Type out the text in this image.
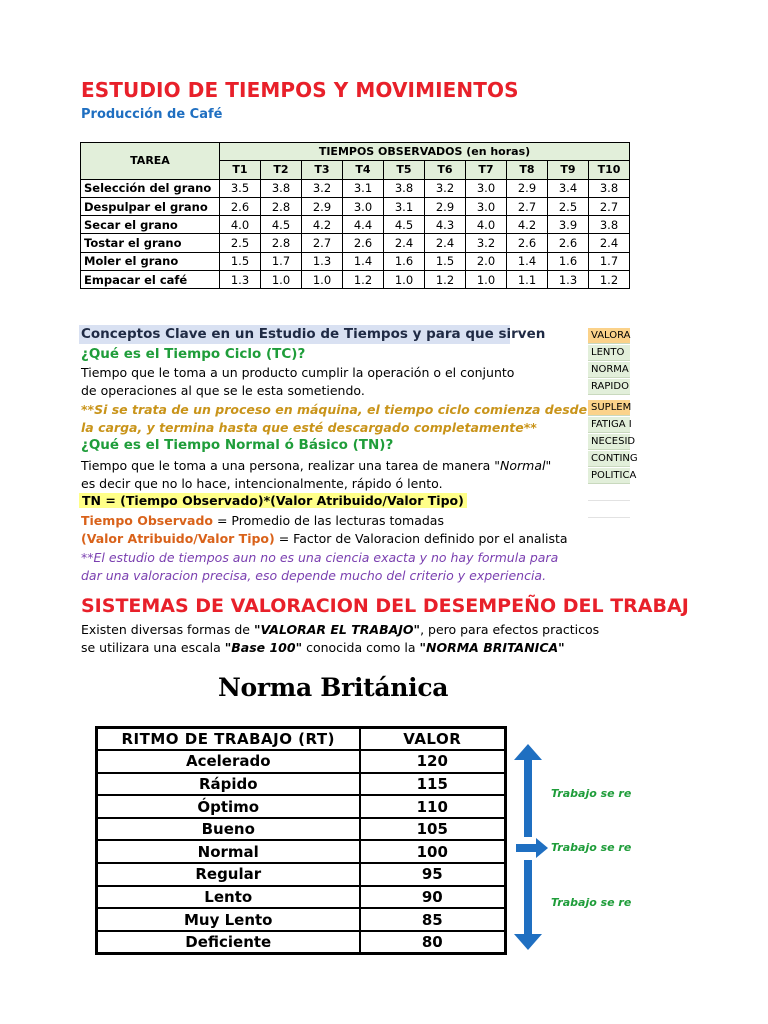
ESTUDIO DE TIEMPOS Y MOVIMIENTOS
Producción de Café
TAREA	TIEMPOS OBSERVADOS (en horas)									
	T1	T2	T3	T4	T5	T6	T7	T8	T9	T10
Selección del grano	3.5	3.8	3.2	3.1	3.8	3.2	3.0	2.9	3.4	3.8
Despulpar el grano	2.6	2.8	2.9	3.0	3.1	2.9	3.0	2.7	2.5	2.7
Secar el grano	4.0	4.5	4.2	4.4	4.5	4.3	4.0	4.2	3.9	3.8
Tostar el grano	2.5	2.8	2.7	2.6	2.4	2.4	3.2	2.6	2.6	2.4
Moler el grano	1.5	1.7	1.3	1.4	1.6	1.5	2.0	1.4	1.6	1.7
Empacar el café	1.3	1.0	1.0	1.2	1.0	1.2	1.0	1.1	1.3	1.2
Conceptos Clave en un Estudio de Tiempos y para que sirven
¿Qué es el Tiempo Ciclo (TC)?
Tiempo que le toma a un producto cumplir la operación o el conjunto
de operaciones al que se le esta sometiendo.
**Si se trata de un proceso en máquina, el tiempo ciclo comienza desde
la carga, y termina hasta que esté descargado completamente**
¿Qué es el Tiempo Normal ó Básico (TN)?
Tiempo que le toma a una persona, realizar una tarea de manera "Normal"
es decir que no lo hace, intencionalmente, rápido ó lento.
TN = (Tiempo Observado)*(Valor Atribuido/Valor Tipo)
Tiempo Observado = Promedio de las lecturas tomadas
(Valor Atribuido/Valor Tipo) = Factor de Valoracion definido por el analista
**El estudio de tiempos aun no es una ciencia exacta y no hay formula para
dar una valoracion precisa, eso depende mucho del criterio y experiencia.
SISTEMAS DE VALORACION DEL DESEMPEÑO DEL TRABAJ
Existen diversas formas de "VALORAR EL TRABAJO", pero para efectos practicos
se utilizara una escala "Base 100" conocida como la "NORMA BRITANICA"
Norma Británica
RITMO DE TRABAJO (RT)	VALOR
Acelerado	120
Rápido	115
Óptimo	110
Bueno	105
Normal	100
Regular	95
Lento	90
Muy Lento	85
Deficiente	80
Trabajo se re
Trabajo se re
Trabajo se re
VALORA
LENTO
NORMA
RAPIDO
SUPLEM
FATIGA I
NECESID
CONTING
POLITICA
